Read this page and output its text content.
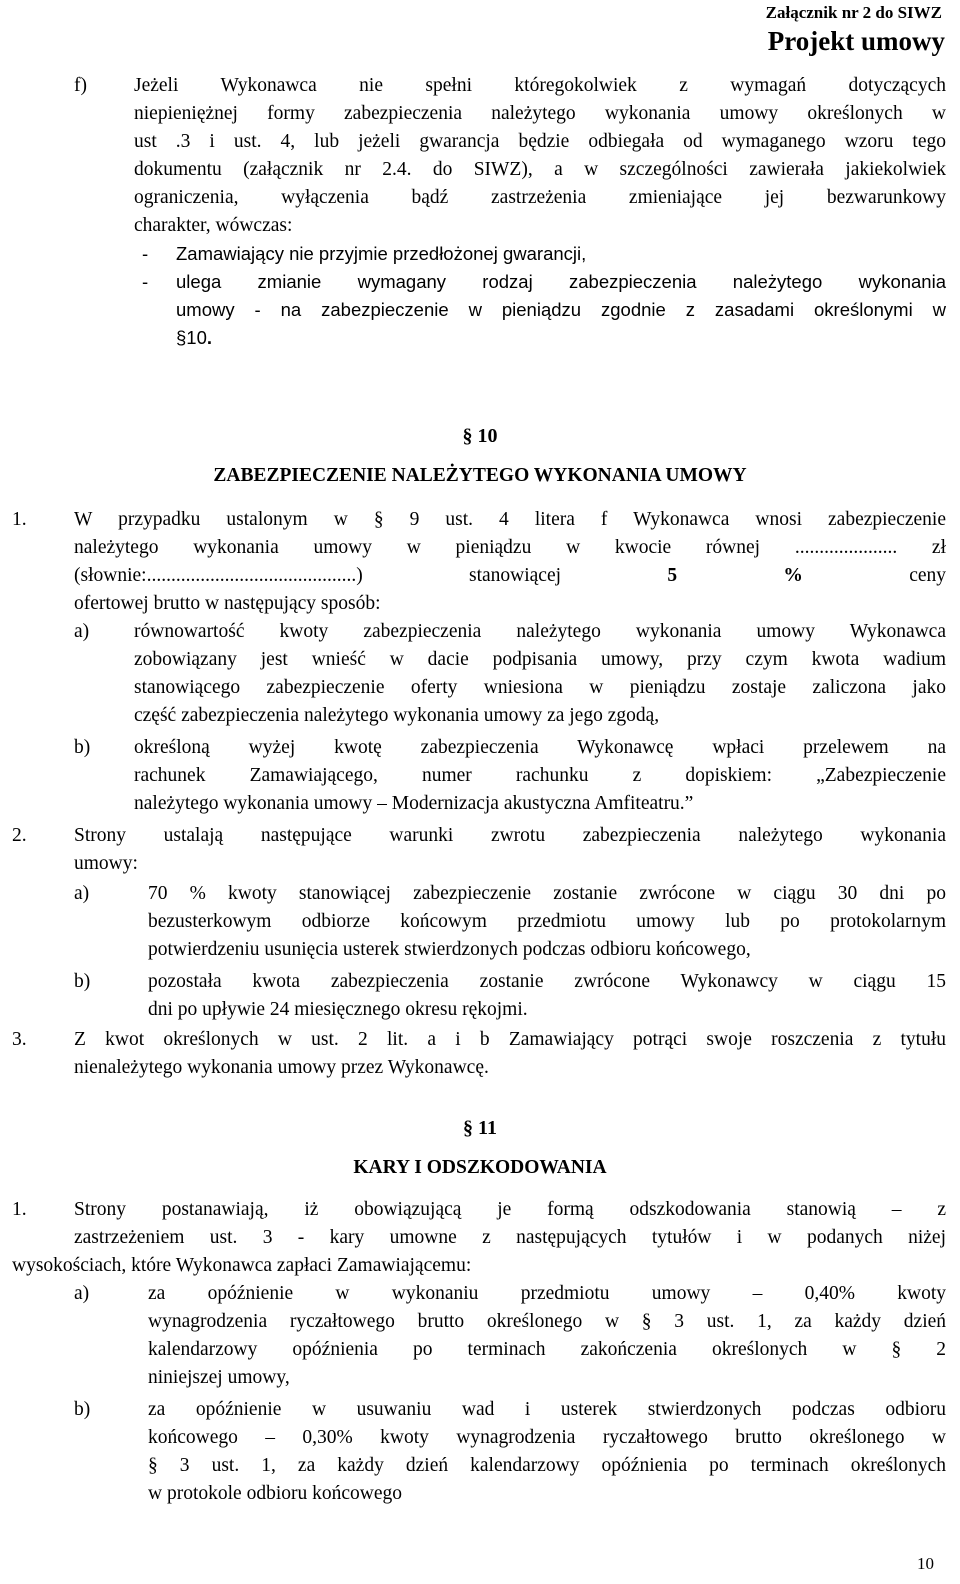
Załącznik nr 2 do SIWZ
Projekt umowy
f) Jeżeli Wykonawca nie spełni któregokolwiek z wymagań dotyczących
niepieniężnej formy zabezpieczenia należytego wykonania umowy określonych w
ust .3 i ust. 4, lub jeżeli gwarancja będzie odbiegała od wymaganego wzoru tego
dokumentu (załącznik nr 2.4. do SIWZ), a w szczególności zawierała jakiekolwiek
ograniczenia, wyłączenia bądź zastrzeżenia zmieniające jej bezwarunkowy
charakter, wówczas:
- Zamawiający nie przyjmie przedłożonej gwarancji,
- ulega zmianie wymagany rodzaj zabezpieczenia należytego wykonania
umowy - na zabezpieczenie w pieniądzu zgodnie z zasadami określonymi w
§10.
§ 10
ZABEZPIECZENIE NALEŻYTEGO WYKONANIA UMOWY
1. W przypadku ustalonym w § 9 ust. 4 litera f Wykonawca wnosi zabezpieczenie
należytego wykonania umowy w pieniądzu w kwocie równej ..................... zł
(słownie:...........................................) stanowiącej	5 %	ceny
ofertowej brutto w następujący sposób:
a) równowartość kwoty zabezpieczenia należytego wykonania umowy Wykonawca
zobowiązany jest wnieść w dacie podpisania umowy, przy czym kwota wadium
stanowiącego zabezpieczenie oferty wniesiona w pieniądzu zostaje zaliczona jako
część zabezpieczenia należytego wykonania umowy za jego zgodą,
b) określoną wyżej kwotę zabezpieczenia Wykonawcę wpłaci przelewem na
rachunek Zamawiającego, numer rachunku z dopiskiem: „Zabezpieczenie
należytego wykonania umowy – Modernizacja akustyczna Amfiteatru.”
2. Strony ustalają następujące warunki zwrotu zabezpieczenia należytego wykonania
umowy:
a)	70 % kwoty stanowiącej zabezpieczenie zostanie zwrócone w ciągu 30 dni po
bezusterkowym odbiorze końcowym przedmiotu umowy lub po protokolarnym
potwierdzeniu usunięcia usterek stwierdzonych podczas odbioru końcowego,
b)	pozostała kwota zabezpieczenia zostanie zwrócone Wykonawcy w ciągu 15
dni po upływie 24 miesięcznego okresu rękojmi.
3. Z kwot określonych w ust. 2 lit. a i b Zamawiający potrąci swoje roszczenia z tytułu
nienależytego wykonania umowy przez Wykonawcę.
§ 11
KARY I ODSZKODOWANIA
1. Strony postanawiają, iż obowiązującą je formą odszkodowania stanowią – z
zastrzeżeniem ust. 3 - kary umowne z następujących tytułów i w podanych niżej
wysokościach, które Wykonawca zapłaci Zamawiającemu:
a)	za opóźnienie w wykonaniu przedmiotu umowy – 0,40% kwoty
wynagrodzenia ryczałtowego brutto określonego w § 3 ust. 1, za każdy dzień
kalendarzowy opóźnienia po terminach zakończenia określonych w § 2
niniejszej umowy,
b)	za opóźnienie w usuwaniu wad i usterek stwierdzonych podczas odbioru
końcowego – 0,30% kwoty wynagrodzenia ryczałtowego brutto określonego w
§ 3 ust. 1, za każdy dzień kalendarzowy opóźnienia po terminach określonych
w protokole odbioru końcowego
10
